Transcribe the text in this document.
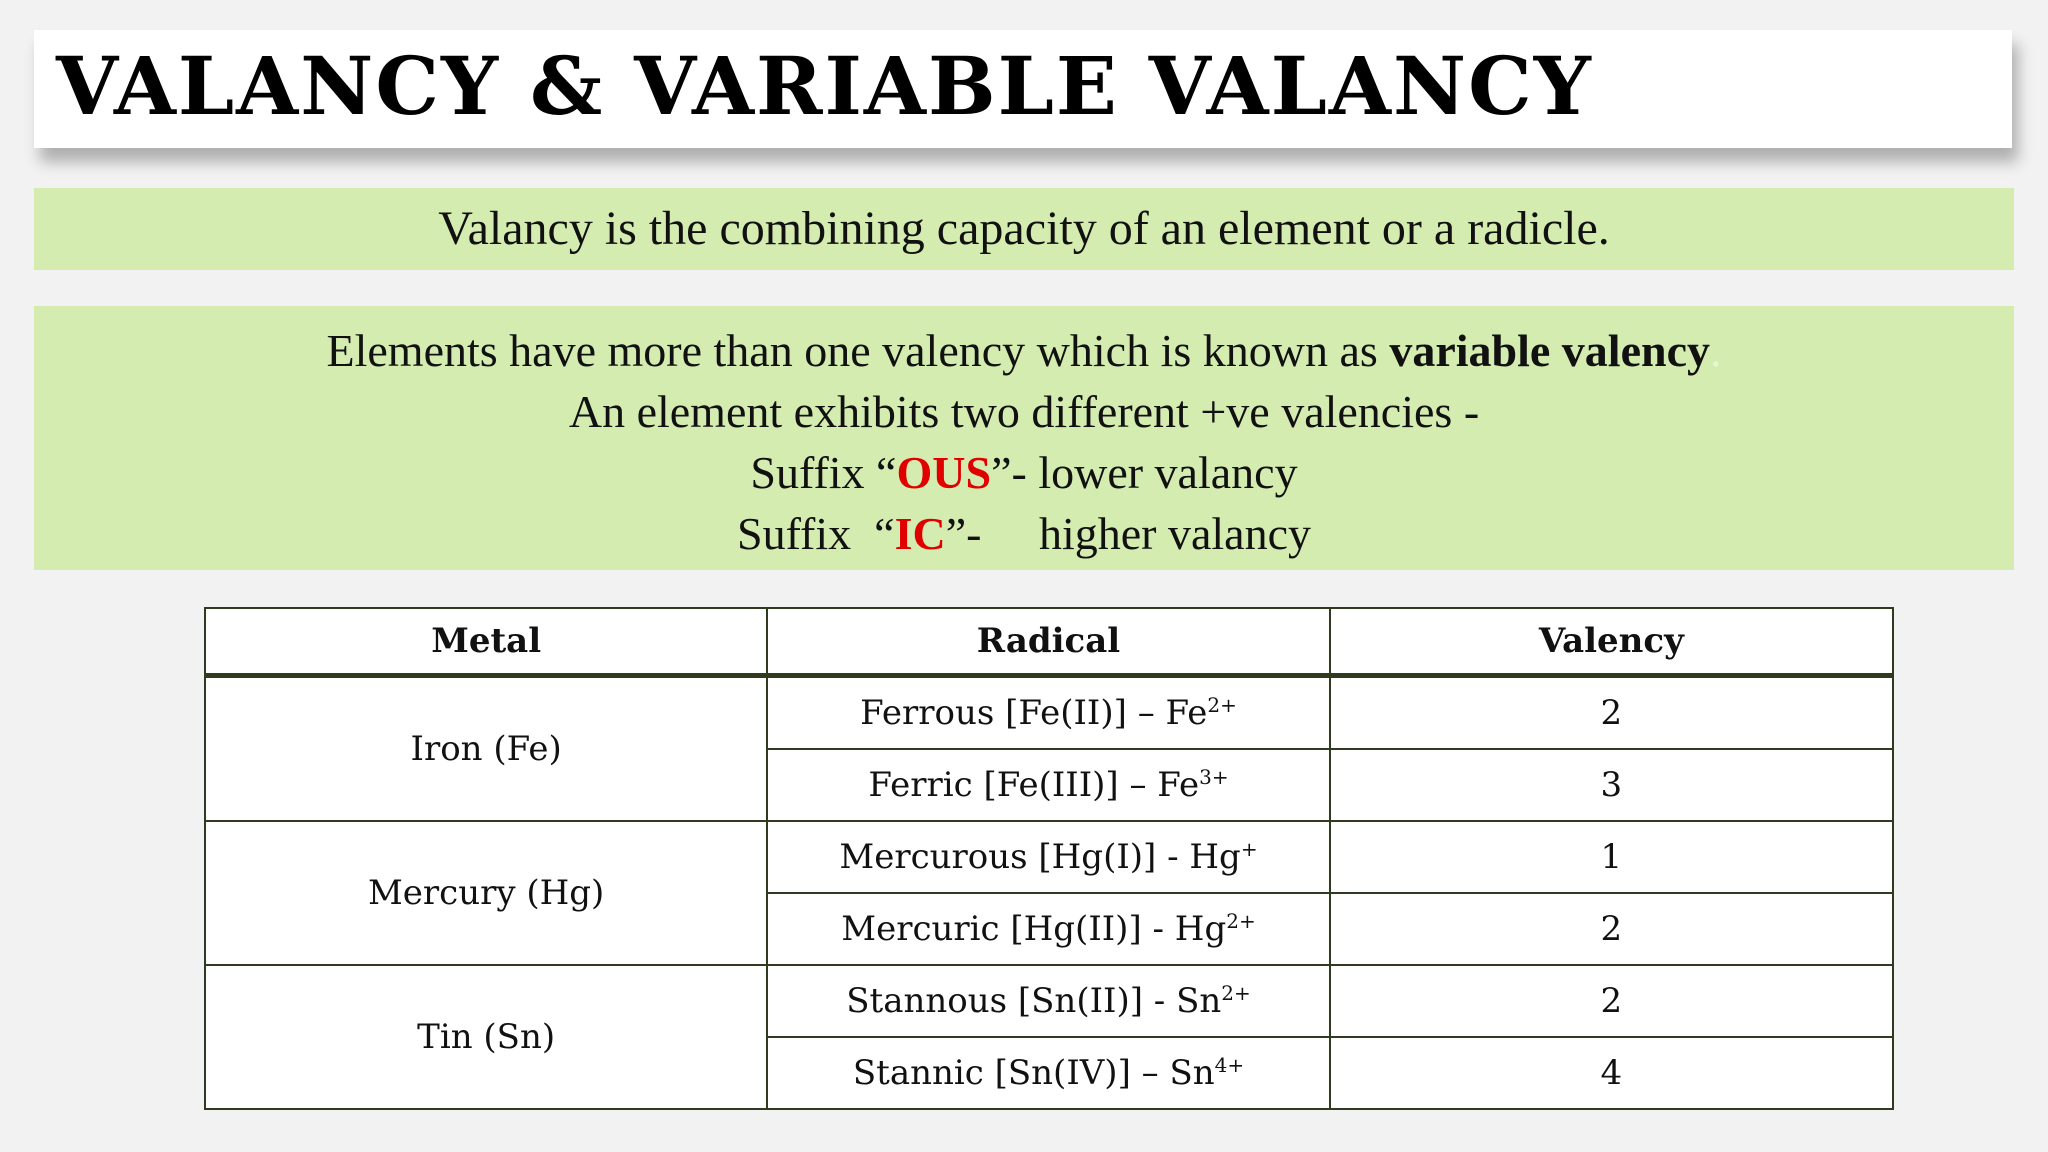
VALANCY & VARIABLE VALANCY
Valancy is the combining capacity of an element or a radicle.
Elements have more than one valency which is known as variable valency.
An element exhibits two different +ve valencies -
Suffix “OUS”- lower valancy
Suffix  “IC”-     higher valancy
Metal	Radical	Valency
Iron (Fe)	Ferrous $[Fe(II)] - Fe^{2+}$	2
	Ferric $[Fe(III)] - Fe^{3+}$	3
Mercury (Hg)	Mercurous [Hg(I)] - Hg+	1
	Mercuric $[Hg(II)] - Hg^{2+}$	2
Tin (Sn)	Stannous $[Sn(II)] - Sn^{2+}$	2
	Stannic $[Sn(IV)] - Sn^{4+}$	4
